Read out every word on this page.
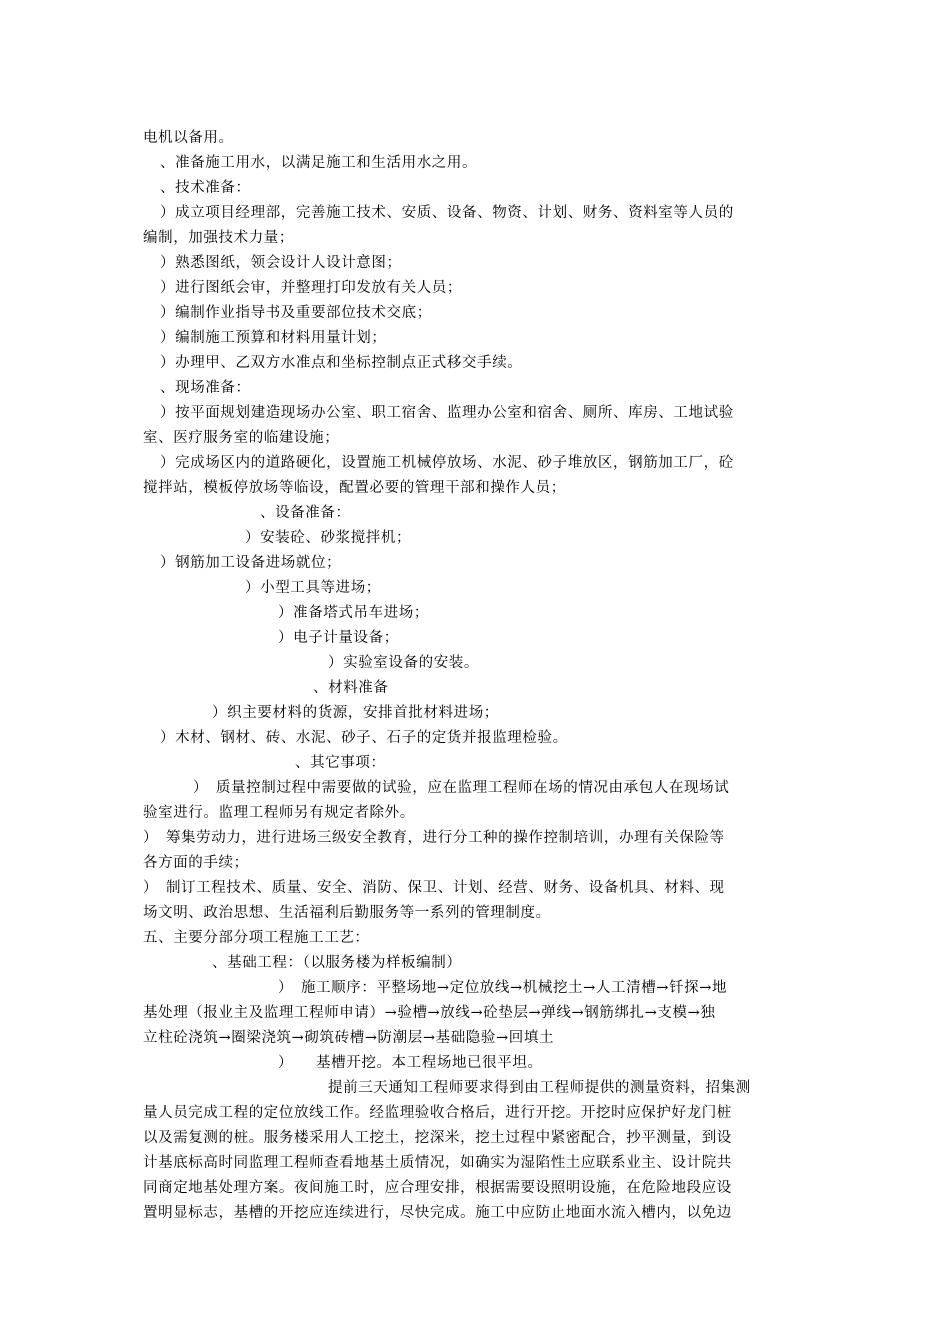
电机以备用。
、准备施工用水，以满足施工和生活用水之用。
、技术准备：
）成立项目经理部，完善施工技术、安质、设备、物资、计划、财务、资料室等人员的
编制，加强技术力量；
）熟悉图纸，领会设计人设计意图；
）进行图纸会审，并整理打印发放有关人员；
）编制作业指导书及重要部位技术交底；
）编制施工预算和材料用量计划；
）办理甲、乙双方水准点和坐标控制点正式移交手续。
、现场准备：
）按平面规划建造现场办公室、职工宿舍、监理办公室和宿舍、厕所、库房、工地试验
室、医疗服务室的临建设施；
）完成场区内的道路硬化，设置施工机械停放场、水泥、砂子堆放区，钢筋加工厂，砼
搅拌站，模板停放场等临设，配置必要的管理干部和操作人员；
、设备准备：
）安装砼、砂浆搅拌机；
）钢筋加工设备进场就位；
）小型工具等进场；
）准备塔式吊车进场；
）电子计量设备；
）实验室设备的安装。
、材料准备
）织主要材料的货源，安排首批材料进场；
）木材、钢材、砖、水泥、砂子、石子的定货并报监理检验。
、其它事项：
）　质量控制过程中需要做的试验，应在监理工程师在场的情况由承包人在现场试
验室进行。监理工程师另有规定者除外。
）　筹集劳动力，进行进场三级安全教育，进行分工种的操作控制培训，办理有关保险等
各方面的手续；
）　制订工程技术、质量、安全、消防、保卫、计划、经营、财务、设备机具、材料、现
场文明、政治思想、生活福利后勤服务等一系列的管理制度。
五、主要分部分项工程施工工艺：
、基础工程：（以服务楼为样板编制）
）　施工顺序：平整场地→定位放线→机械挖土→人工清槽→钎探→地
基处理（报业主及监理工程师申请）→验槽→放线→砼垫层→弹线→钢筋绑扎→支模→独
立柱砼浇筑→圈梁浇筑→砌筑砖槽→防潮层→基础隐验→回填土
）　　基槽开挖。本工程场地已很平坦。
提前三天通知工程师要求得到由工程师提供的测量资料，招集测
量人员完成工程的定位放线工作。经监理验收合格后，进行开挖。开挖时应保护好龙门桩
以及需复测的桩。服务楼采用人工挖土，挖深米，挖土过程中紧密配合，抄平测量，到设
计基底标高时同监理工程师查看地基土质情况，如确实为湿陷性土应联系业主、设计院共
同商定地基处理方案。夜间施工时，应合理安排，根据需要设照明设施，在危险地段应设
置明显标志，基槽的开挖应连续进行，尽快完成。施工中应防止地面水流入槽内，以免边
